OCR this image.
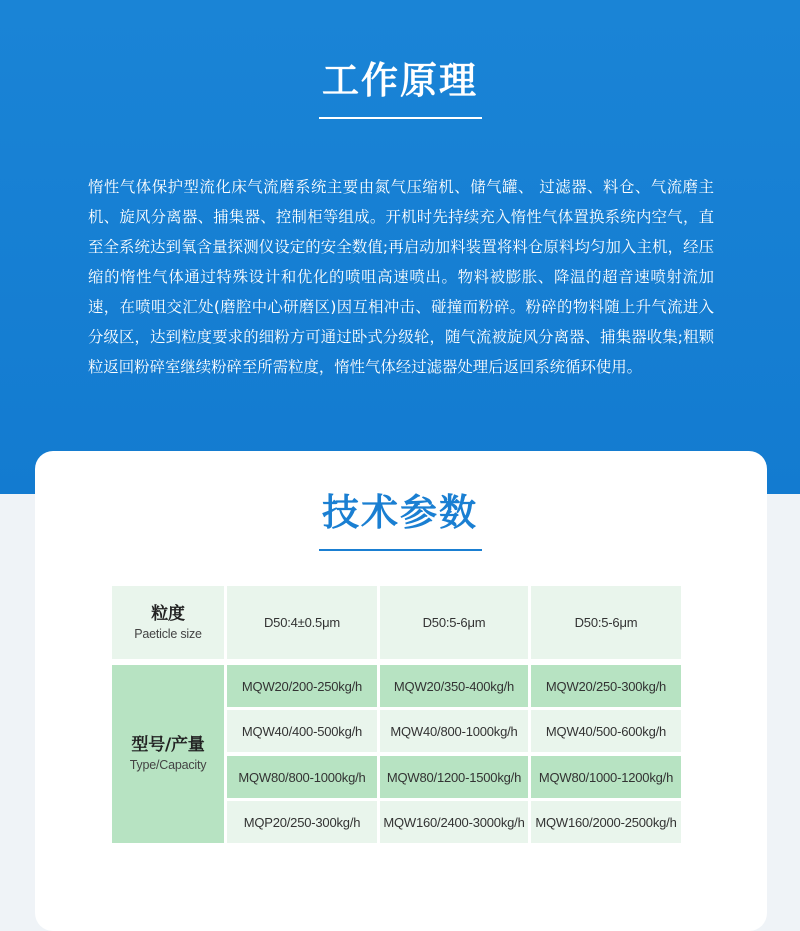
工作原理

惰性气体保护型流化床气流磨系统主要由氮气压缩机、储气罐、 过滤器、料仓、气流磨主机、旋风分离器、捕集器、控制柜等组成。开机时先持续充入惰性气体置换系统内空气，直至全系统达到氧含量探测仪设定的安全数值;再启动加料装置将料仓原料均匀加入主机，经压缩的惰性气体通过特殊设计和优化的喷咀高速喷出。物料被膨胀、降温的超音速喷射流加速，在喷咀交汇处(磨腔中心研磨区)因互相冲击、碰撞而粉碎。粉碎的物料随上升气流进入分级区，达到粒度要求的细粉方可通过卧式分级轮，随气流被旋风分离器、捕集器收集;粗颗粒返回粉碎室继续粉碎至所需粒度，惰性气体经过滤器处理后返回系统循环使用。

技术参数
粒度
Paeticle size
D50:4±0.5μm	D50:5-6μm	D50:5-6μm
型号/产量
Type/Capacity
MQW20/200-250kg/h	MQW20/350-400kg/h	MQW20/250-300kg/h
MQW40/400-500kg/h	MQW40/800-1000kg/h	MQW40/500-600kg/h
MQW80/800-1000kg/h	MQW80/1200-1500kg/h	MQW80/1000-1200kg/h
MQP20/250-300kg/h	MQW160/2400-3000kg/h MQW160/2000-2500kg/h
